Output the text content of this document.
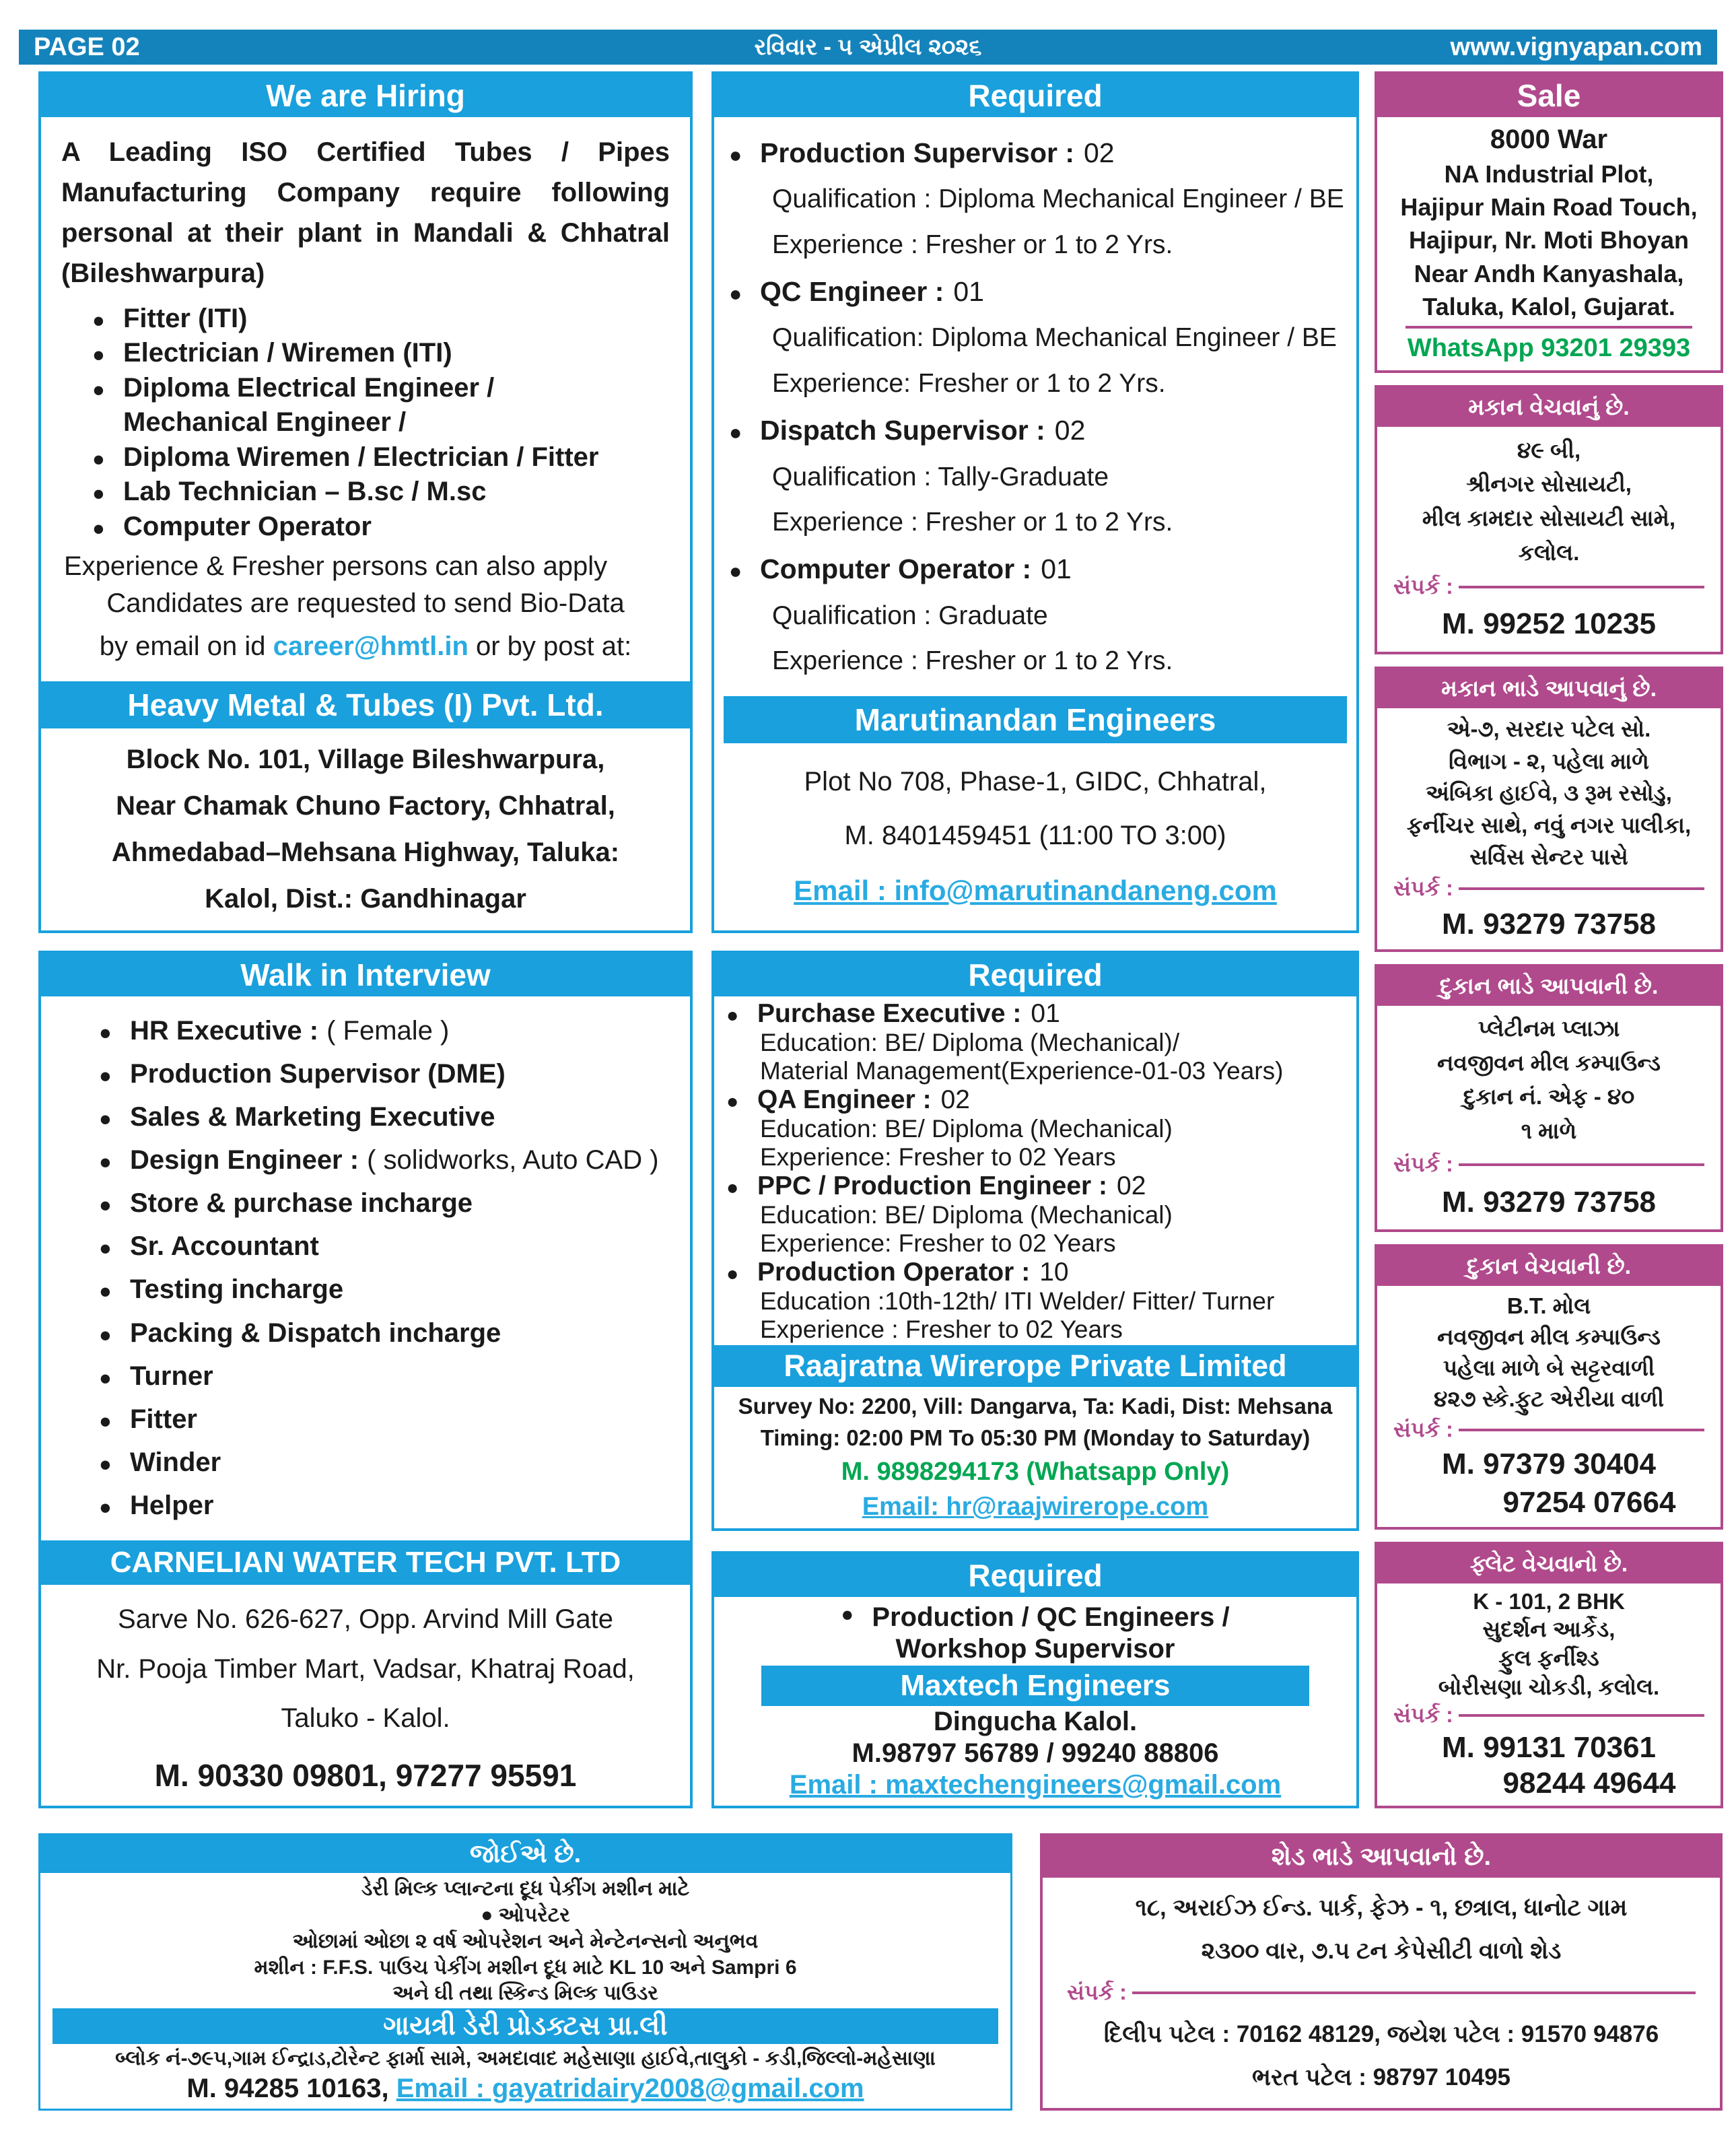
PAGE 02	રવિવાર - ૫ એપ્રીલ ૨૦૨૬	www.vignyapan.com
We are Hiring

A Leading ISO Certified Tubes / Pipes Manufacturing Company require following personal at their plant in Mandali & Chhatral (Bileshwarpura)

● Fitter (ITI)
● Electrician / Wiremen (ITI)
● Diploma Electrical Engineer /
Mechanical Engineer /
● Diploma Wiremen / Electrician / Fitter
● Lab Technician – B.sc / M.sc
● Computer Operator
Experience & Fresher persons can also apply
Candidates are requested to send Bio-Data
by email on id career@hmtl.in or by post at:
Heavy Metal & Tubes (I) Pvt. Ltd.
Block No. 101, Village Bileshwarpura,
Near Chamak Chuno Factory, Chhatral,
Ahmedabad–Mehsana Highway, Taluka:
Kalol, Dist.: Gandhinagar
Walk in Interview
● HR Executive : ( Female )
● Production Supervisor (DME)
● Sales & Marketing Executive
● Design Engineer : ( solidworks, Auto CAD )
● Store & purchase incharge
● Sr. Accountant
● Testing incharge
● Packing & Dispatch incharge
● Turner
● Fitter
● Winder
● Helper
CARNELIAN WATER TECH PVT. LTD
Sarve No. 626-627, Opp. Arvind Mill Gate
Nr. Pooja Timber Mart, Vadsar, Khatraj Road,
Taluko - Kalol.
M. 90330 09801, 97277 95591
Required
● Production Supervisor : 02
Qualification : Diploma Mechanical Engineer / BE
Experience : Fresher or 1 to 2 Yrs.
● QC Engineer : 01
Qualification: Diploma Mechanical Engineer / BE
Experience: Fresher or 1 to 2 Yrs.
● Dispatch Supervisor : 02
Qualification : Tally-Graduate
Experience : Fresher or 1 to 2 Yrs.
● Computer Operator : 01
Qualification : Graduate
Experience : Fresher or 1 to 2 Yrs.
Marutinandan Engineers
Plot No 708, Phase-1, GIDC, Chhatral,
M. 8401459451 (11:00 TO 3:00)
Email : info@marutinandaneng.com
Required
● Purchase Executive : 01
Education: BE/ Diploma (Mechanical)/
Material Management(Experience-01-03 Years)
● QA Engineer : 02
Education: BE/ Diploma (Mechanical)
Experience: Fresher to 02 Years
● PPC / Production Engineer : 02
Education: BE/ Diploma (Mechanical)
Experience: Fresher to 02 Years
● Production Operator : 10
Education :10th-12th/ ITI Welder/ Fitter/ Turner
Experience : Fresher to 02 Years
Raajratna Wirerope Private Limited
Survey No: 2200, Vill: Dangarva, Ta: Kadi, Dist: Mehsana
Timing: 02:00 PM To 05:30 PM (Monday to Saturday)
M. 9898294173 (Whatsapp Only)
Email: hr@raajwirerope.com
Required
● Production / QC Engineers /
Workshop Supervisor
Maxtech Engineers
Dingucha Kalol.
M.98797 56789 / 99240 88806
Email : maxtechengineers@gmail.com
Sale
8000 War
NA Industrial Plot,
Hajipur Main Road Touch,
Hajipur, Nr. Moti Bhoyan
Near Andh Kanyashala,
Taluka, Kalol, Gujarat.
WhatsApp 93201 29393
મકાન વેચવાનું છે.
૪૯ બી,
શ્રીનગર સોસાયટી,
મીલ કામદાર સોસાયટી સામે,
કલોલ.
સંપર્ક :
M. 99252 10235
મકાન ભાડે આપવાનું છે.
એ-૭, સરદાર પટેલ સો.
વિભાગ - ૨, પહેલા માળે
અંબિકા હાઈવે, ૩ રૂમ રસોડુ,
ફર્નીચર સાથે, નવું નગર પાલીકા,
સર્વિસ સેન્ટર પાસે
સંપર્ક :
M. 93279 73758
દુકાન ભાડે આપવાની છે.
પ્લેટીનમ પ્લાઝા
નવજીવન મીલ કમ્પાઉન્ડ
દુકાન નં. એફ - ૪૦
૧ માળે
સંપર્ક :
M. 93279 73758
દુકાન વેચવાની છે.
B.T. મોલ
નવજીવન મીલ કમ્પાઉન્ડ
પહેલા માળે બે સટ્ટરવાળી
૪૨૭ સ્કે.ફુટ એરીયા વાળી
સંપર્ક :
M. 97379 30404
97254 07664
ફ્લેટ વેચવાનો છે.
K - 101, 2 BHK
સુદર્શન આર્કેડ,
ફુલ ફર્નીશ્ડ
બોરીસણા ચોકડી, કલોલ.
સંપર્ક :
M. 99131 70361
98244 49644
જોઈએ છે.
ડેરી મિલ્ક પ્લાન્ટના દૂધ પેકીંગ મશીન માટે
● ઓપરેટર
ઓછામાં ઓછા ૨ વર્ષ ઓપરેશન અને મેન્ટેનન્સનો અનુભવ
મશીન : F.F.S. પાઉચ પેકીંગ મશીન દૂધ માટે KL 10 અને Sampri 6
અને ઘી તથા સ્કિન્ડ મિલ્ક પાઉડર
ગાયત્રી ડેરી પ્રોડક્ટસ પ્રા.લી
બ્લોક નં-૭૯૫,ગામ ઈન્દ્રાડ,ટોરેન્ટ ફાર્મા સામે, અમદાવાદ મહેસાણા હાઈવે,તાલુકો - કડી,જિલ્લો-મહેસાણા
M. 94285 10163, Email : gayatridairy2008@gmail.com
શેડ ભાડે આપવાનો છે.
૧૮, અરાઈઝ ઈન્ડ. પાર્ક, ફેઝ - ૧, છત્રાલ, ધાનોટ ગામ
૨૩૦૦ વાર, ૭.૫ ટન કેપેસીટી વાળો શેડ
સંપર્ક :
દિલીપ પટેલ : 70162 48129, જયેશ પટેલ : 91570 94876
ભરત પટેલ : 98797 10495
